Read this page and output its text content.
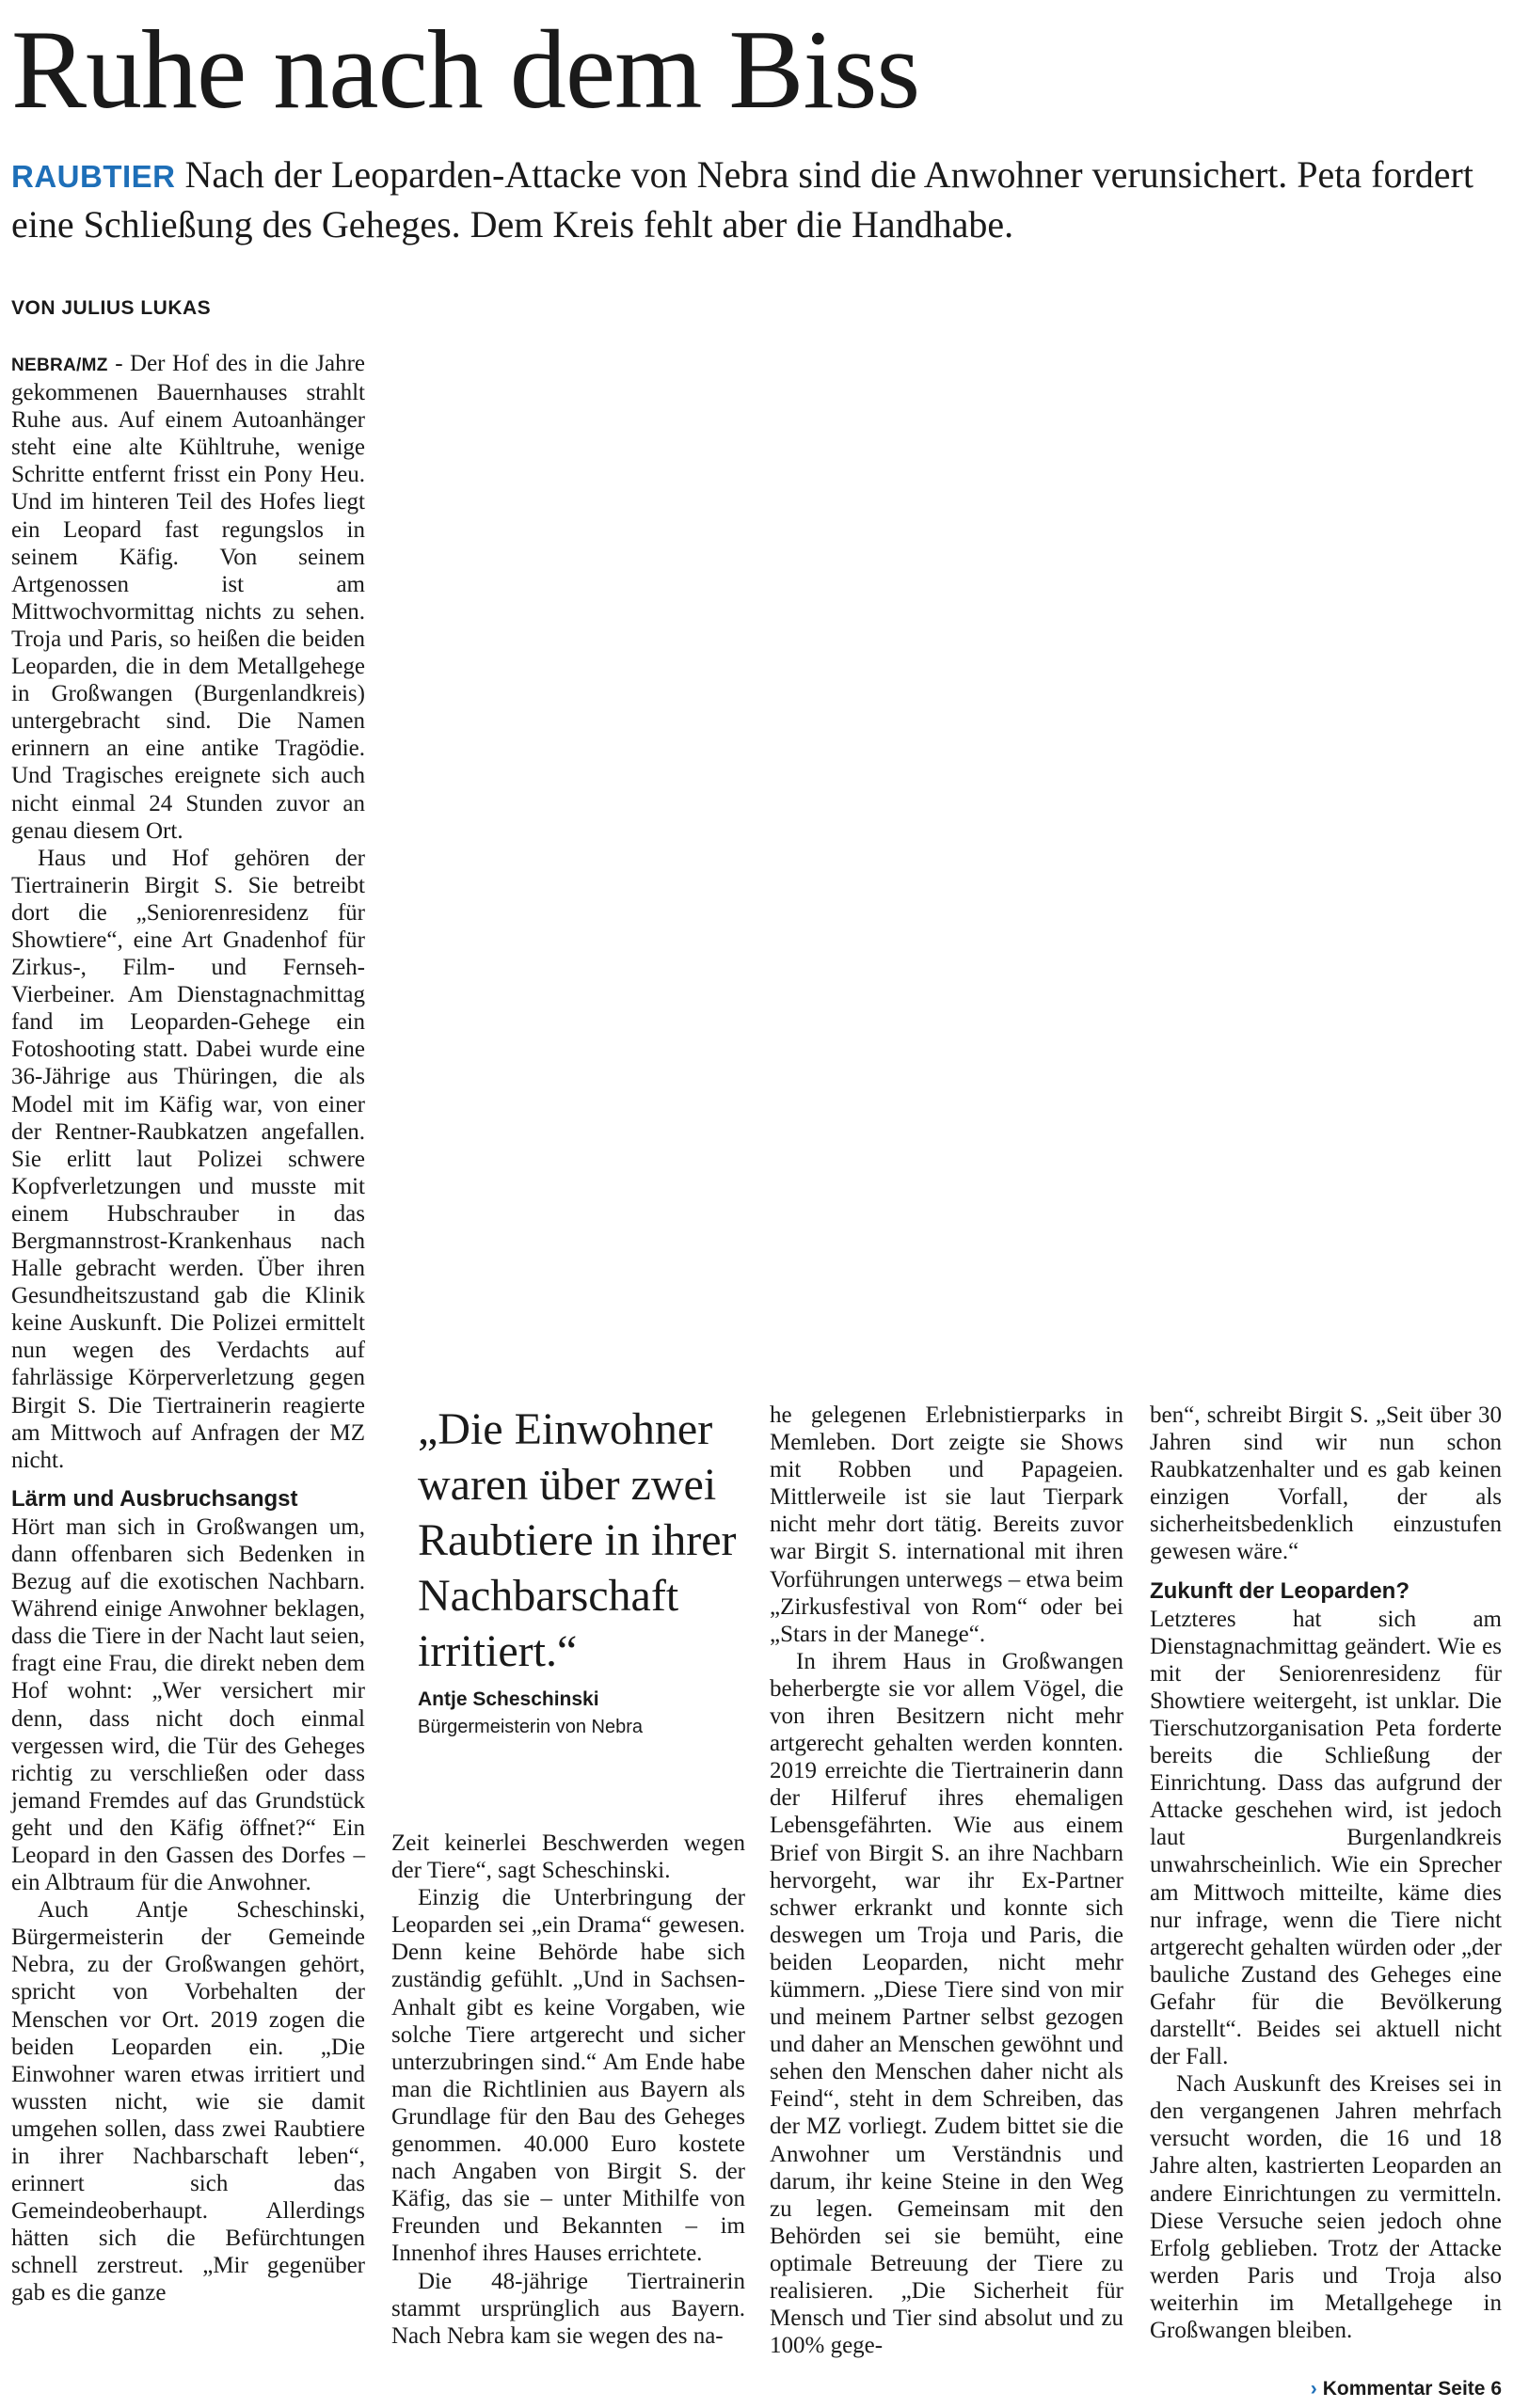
Ruhe nach dem Biss
RAUBTIER Nach der Leoparden-Attacke von Nebra sind die Anwohner verunsichert. Peta fordert eine Schließung des Geheges. Dem Kreis fehlt aber die Handhabe.
VON JULIUS LUKAS

NEBRA/MZ - Der Hof des in die Jahre gekommenen Bauernhauses strahlt Ruhe aus. Auf einem Autoanhänger steht eine alte Kühltruhe, wenige Schritte entfernt frisst ein Pony Heu. Und im hinteren Teil des Hofes liegt ein Leopard fast regungslos in seinem Käfig. Von seinem Artgenossen ist am Mittwochvormittag nichts zu sehen. Troja und Paris, so heißen die beiden Leoparden, die in dem Metallgehege in Großwangen (Burgenlandkreis) untergebracht sind. Die Namen erinnern an eine antike Tragödie. Und Tragisches ereignete sich auch nicht einmal 24 Stunden zuvor an genau diesem Ort.

Haus und Hof gehören der Tiertrainerin Birgit S. Sie betreibt dort die „Seniorenresidenz für Showtiere“, eine Art Gnadenhof für Zirkus-, Film- und Fernseh-Vierbeiner. Am Dienstagnachmittag fand im Leoparden-Gehege ein Fotoshooting statt. Dabei wurde eine 36-Jährige aus Thüringen, die als Model mit im Käfig war, von einer der Rentner-Raubkatzen angefallen. Sie erlitt laut Polizei schwere Kopfverletzungen und musste mit einem Hubschrauber in das Bergmannstrost-Krankenhaus nach Halle gebracht werden. Über ihren Gesundheitszustand gab die Klinik keine Auskunft. Die Polizei ermittelt nun wegen des Verdachts auf fahrlässige Körperverletzung gegen Birgit S. Die Tiertrainerin reagierte am Mittwoch auf Anfragen der MZ nicht.

Lärm und Ausbruchsangst

Hört man sich in Großwangen um, dann offenbaren sich Bedenken in Bezug auf die exotischen Nachbarn. Während einige Anwohner beklagen, dass die Tiere in der Nacht laut seien, fragt eine Frau, die direkt neben dem Hof wohnt: „Wer versichert mir denn, dass nicht doch einmal vergessen wird, die Tür des Geheges richtig zu verschließen oder dass jemand Fremdes auf das Grundstück geht und den Käfig öffnet?“ Ein Leopard in den Gassen des Dorfes – ein Albtraum für die Anwohner.

Auch Antje Scheschinski, Bürgermeisterin der Gemeinde Nebra, zu der Großwangen gehört, spricht von Vorbehalten der Menschen vor Ort. 2019 zogen die beiden Leoparden ein. „Die Einwohner waren etwas irritiert und wussten nicht, wie sie damit umgehen sollen, dass zwei Raubtiere in ihrer Nachbarschaft leben“, erinnert sich das Gemeindeoberhaupt. Allerdings hätten sich die Befürchtungen schnell zerstreut. „Mir gegenüber gab es die ganze

„Die Einwohner waren über zwei Raubtiere in ihrer Nachbarschaft irritiert.“

Antje Scheschinski
Bürgermeisterin von Nebra

Zeit keinerlei Beschwerden wegen der Tiere“, sagt Scheschinski.

Einzig die Unterbringung der Leoparden sei „ein Drama“ gewesen. Denn keine Behörde habe sich zuständig gefühlt. „Und in Sachsen-Anhalt gibt es keine Vorgaben, wie solche Tiere artgerecht und sicher unterzubringen sind.“ Am Ende habe man die Richtlinien aus Bayern als Grundlage für den Bau des Geheges genommen. 40.000 Euro kostete nach Angaben von Birgit S. der Käfig, das sie – unter Mithilfe von Freunden und Bekannten – im Innenhof ihres Hauses errichtete.

Die 48-jährige Tiertrainerin stammt ursprünglich aus Bayern. Nach Nebra kam sie wegen des na-

he gelegenen Erlebnistierparks in Memleben. Dort zeigte sie Shows mit Robben und Papageien. Mittlerweile ist sie laut Tierpark nicht mehr dort tätig. Bereits zuvor war Birgit S. international mit ihren Vorführungen unterwegs – etwa beim „Zirkusfestival von Rom“ oder bei „Stars in der Manege“.

In ihrem Haus in Großwangen beherbergte sie vor allem Vögel, die von ihren Besitzern nicht mehr artgerecht gehalten werden konnten. 2019 erreichte die Tiertrainerin dann der Hilferuf ihres ehemaligen Lebensgefährten. Wie aus einem Brief von Birgit S. an ihre Nachbarn hervorgeht, war ihr Ex-Partner schwer erkrankt und konnte sich deswegen um Troja und Paris, die beiden Leoparden, nicht mehr kümmern. „Diese Tiere sind von mir und meinem Partner selbst gezogen und daher an Menschen gewöhnt und sehen den Menschen daher nicht als Feind“, steht in dem Schreiben, das der MZ vorliegt. Zudem bittet sie die Anwohner um Verständnis und darum, ihr keine Steine in den Weg zu legen. Gemeinsam mit den Behörden sei sie bemüht, eine optimale Betreuung der Tiere zu realisieren. „Die Sicherheit für Mensch und Tier sind absolut und zu 100% gege-

ben“, schreibt Birgit S. „Seit über 30 Jahren sind wir nun schon Raubkatzenhalter und es gab keinen einzigen Vorfall, der als sicherheitsbedenklich einzustufen gewesen wäre.“

Zukunft der Leoparden?

Letzteres hat sich am Dienstagnachmittag geändert. Wie es mit der Seniorenresidenz für Showtiere weitergeht, ist unklar. Die Tierschutzorganisation Peta forderte bereits die Schließung der Einrichtung. Dass das aufgrund der Attacke geschehen wird, ist jedoch laut Burgenlandkreis unwahrscheinlich. Wie ein Sprecher am Mittwoch mitteilte, käme dies nur infrage, wenn die Tiere nicht artgerecht gehalten würden oder „der bauliche Zustand des Geheges eine Gefahr für die Bevölkerung darstellt“. Beides sei aktuell nicht der Fall.

Nach Auskunft des Kreises sei in den vergangenen Jahren mehrfach versucht worden, die 16 und 18 Jahre alten, kastrierten Leoparden an andere Einrichtungen zu vermitteln. Diese Versuche seien jedoch ohne Erfolg geblieben. Trotz der Attacke werden Paris und Troja also weiterhin im Metallgehege in Großwangen bleiben.

› Kommentar Seite 6
